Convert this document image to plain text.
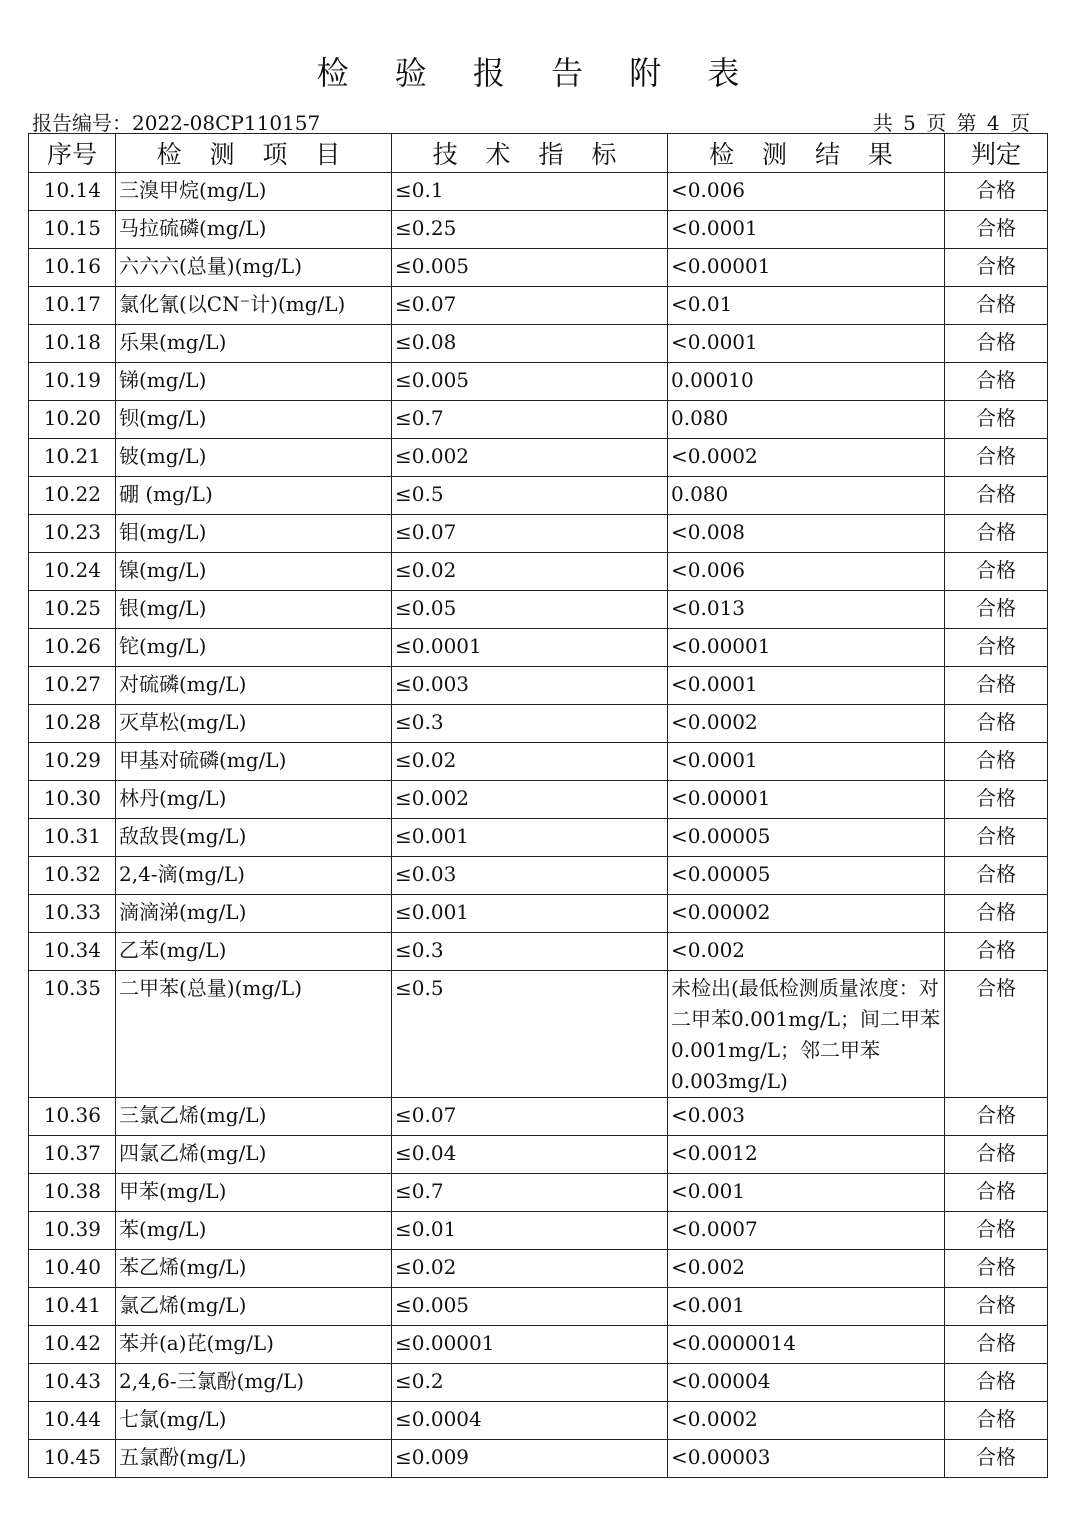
检 验 报 告 附 表
报告编号：2022-08CP110157	共 5 页 第 4 页
序号	检 测 项 目	技 术 指 标	检 测 结 果	判定
10.14	三溴甲烷(mg/L)	≤0.1	<0.006	合格
10.15	马拉硫磷(mg/L)	≤0.25	<0.0001	合格
10.16	六六六(总量)(mg/L)	≤0.005	<0.00001	合格
10.17	氯化氰(以CN⁻计)(mg/L)	≤0.07	<0.01	合格
10.18	乐果(mg/L)	≤0.08	<0.0001	合格
10.19	锑(mg/L)	≤0.005	0.00010	合格
10.20	钡(mg/L)	≤0.7	0.080	合格
10.21	铍(mg/L)	≤0.002	<0.0002	合格
10.22	硼 (mg/L)	≤0.5	0.080	合格
10.23	钼(mg/L)	≤0.07	<0.008	合格
10.24	镍(mg/L)	≤0.02	<0.006	合格
10.25	银(mg/L)	≤0.05	<0.013	合格
10.26	铊(mg/L)	≤0.0001	<0.00001	合格
10.27	对硫磷(mg/L)	≤0.003	<0.0001	合格
10.28	灭草松(mg/L)	≤0.3	<0.0002	合格
10.29	甲基对硫磷(mg/L)	≤0.02	<0.0001	合格
10.30	林丹(mg/L)	≤0.002	<0.00001	合格
10.31	敌敌畏(mg/L)	≤0.001	<0.00005	合格
10.32	2,4-滴(mg/L)	≤0.03	<0.00005	合格
10.33	滴滴涕(mg/L)	≤0.001	<0.00002	合格
10.34	乙苯(mg/L)	≤0.3	<0.002	合格
10.35	二甲苯(总量)(mg/L)	≤0.5	未检出(最低检测质量浓度：对二甲苯0.001mg/L；间二甲苯0.001mg/L；邻二甲苯0.003mg/L)	合格
10.36	三氯乙烯(mg/L)	≤0.07	<0.003	合格
10.37	四氯乙烯(mg/L)	≤0.04	<0.0012	合格
10.38	甲苯(mg/L)	≤0.7	<0.001	合格
10.39	苯(mg/L)	≤0.01	<0.0007	合格
10.40	苯乙烯(mg/L)	≤0.02	<0.002	合格
10.41	氯乙烯(mg/L)	≤0.005	<0.001	合格
10.42	苯并(a)芘(mg/L)	≤0.00001	<0.0000014	合格
10.43	2,4,6-三氯酚(mg/L)	≤0.2	<0.00004	合格
10.44	七氯(mg/L)	≤0.0004	<0.0002	合格
10.45	五氯酚(mg/L)	≤0.009	<0.00003	合格
